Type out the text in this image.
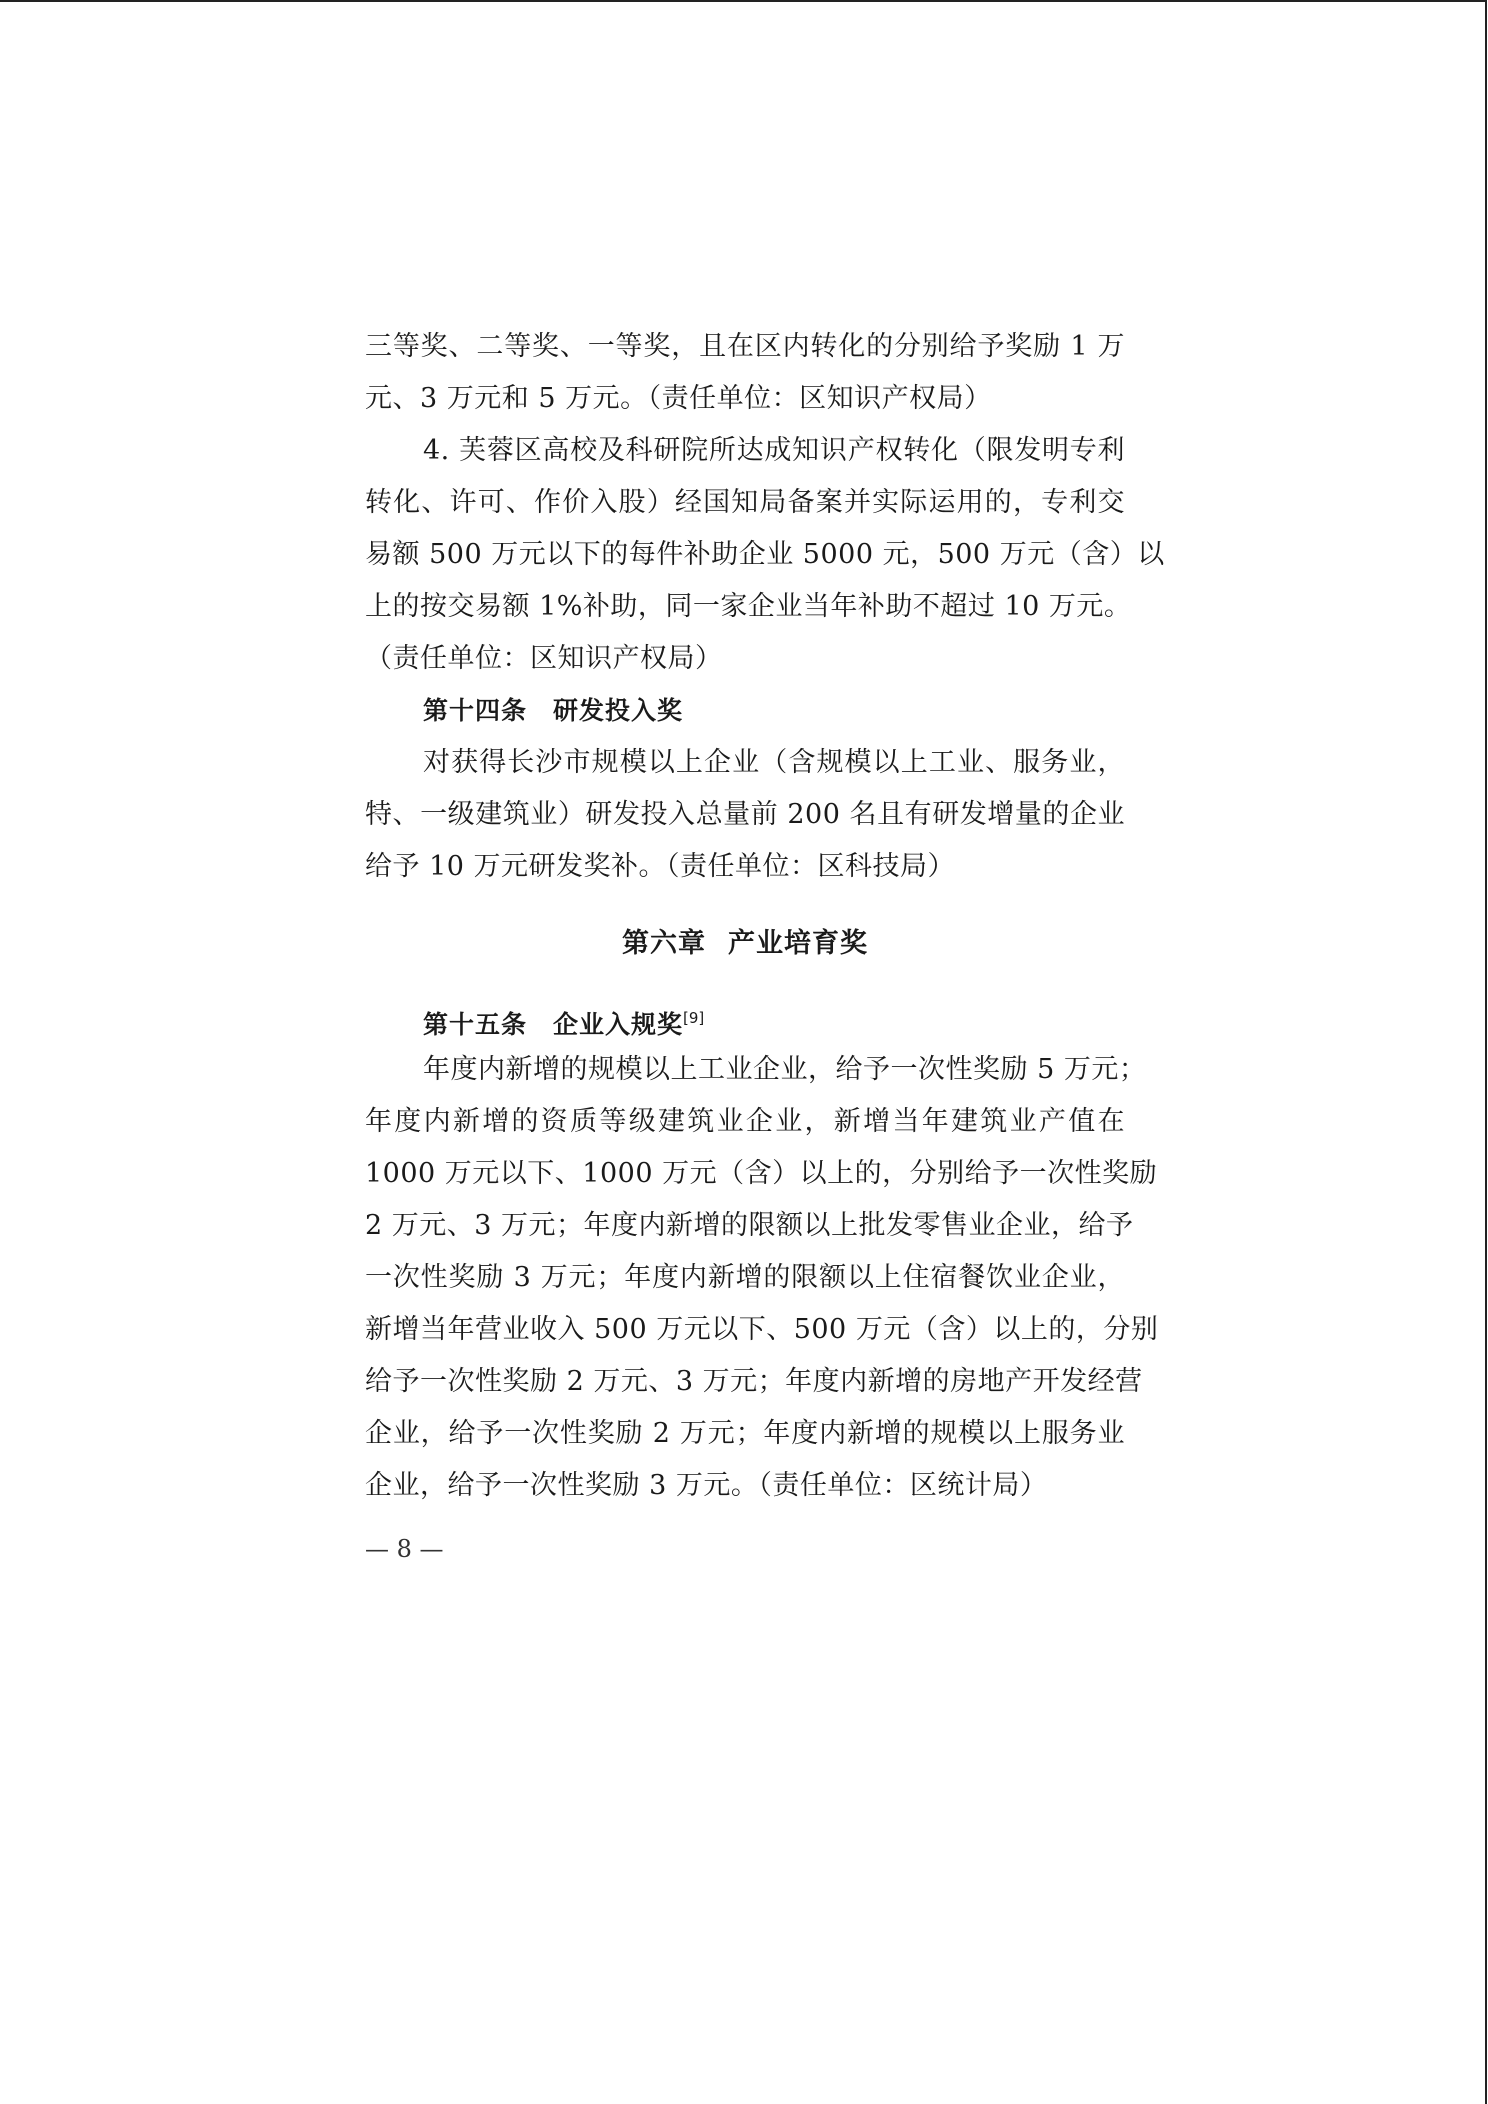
三等奖、二等奖、一等奖，且在区内转化的分别给予奖励 1 万
元、3 万元和 5 万元。（责任单位：区知识产权局）
4. 芙蓉区高校及科研院所达成知识产权转化（限发明专利
转化、许可、作价入股）经国知局备案并实际运用的，专利交
易额 500 万元以下的每件补助企业 5000 元，500 万元（含）以
上的按交易额 1%补助，同一家企业当年补助不超过 10 万元。
（责任单位：区知识产权局）
第十四条 研发投入奖
对获得长沙市规模以上企业（含规模以上工业、服务业，
特、一级建筑业）研发投入总量前 200 名且有研发增量的企业
给予 10 万元研发奖补。（责任单位：区科技局）
第六章 产业培育奖
第十五条 企业入规奖[9]
年度内新增的规模以上工业企业，给予一次性奖励 5 万元；
年度内新增的资质等级建筑业企业，新增当年建筑业产值在
1000 万元以下、1000 万元（含）以上的，分别给予一次性奖励
2 万元、3 万元；年度内新增的限额以上批发零售业企业，给予
一次性奖励 3 万元；年度内新增的限额以上住宿餐饮业企业，
新增当年营业收入 500 万元以下、500 万元（含）以上的，分别
给予一次性奖励 2 万元、3 万元；年度内新增的房地产开发经营
企业，给予一次性奖励 2 万元；年度内新增的规模以上服务业
企业，给予一次性奖励 3 万元。（责任单位：区统计局）
— 8 —
